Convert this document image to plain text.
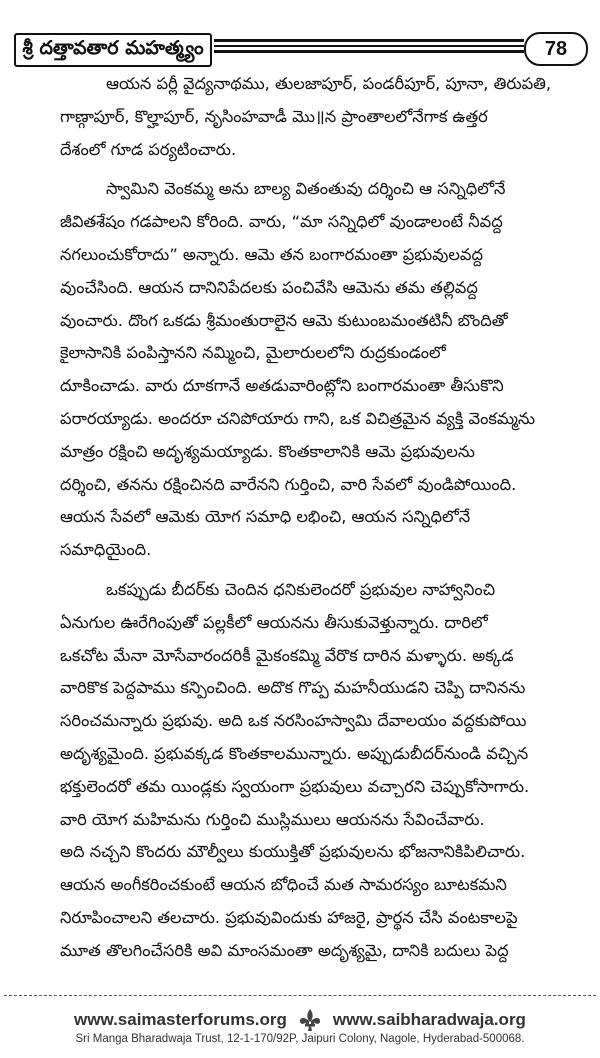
శ్రీ దత్తావతార మహత్మ్యం	78
ఆయన పర్లీ వైద్యనాథము, తులజాపూర్, పండరీపూర్, పూనా, తిరుపతి,
గాణ్గాపూర్, కొల్హాపూర్, నృసింహవాడీ మొ॥న ప్రాంతాలలోనేగాక ఉత్తర
దేశంలో గూడ పర్యటించారు.
స్వామిని వెంకమ్మ అను బాల్య వితంతువు దర్శించి ఆ సన్నిధిలోనే
జీవితశేషం గడపాలని కోరింది. వారు, “మా సన్నిధిలో వుండాలంటే నీవద్ద
నగలుంచుకోరాదు” అన్నారు. ఆమె తన బంగారమంతా ప్రభువులవద్ద
వుంచేసింది. ఆయన దానినిపేదలకు పంచివేసి ఆమెను తమ తల్లివద్ద
వుంచారు. దొంగ ఒకడు శ్రీమంతురాలైన ఆమె కుటుంబమంతటినీ బొందితో
కైలాసానికి పంపిస్తానని నమ్మించి, మైలారులలోని రుద్రకుండంలో
దూకించాడు. వారు దూకగానే అతడువారింట్లోని బంగారమంతా తీసుకొని
పరారయ్యాడు. అందరూ చనిపోయారు గాని, ఒక విచిత్రమైన వ్యక్తి వెంకమ్మను
మాత్రం రక్షించి అదృశ్యమయ్యాడు. కొంతకాలానికి ఆమె ప్రభువులను
దర్శించి, తనను రక్షించినది వారేనని గుర్తించి, వారి సేవలో వుండిపోయింది.
ఆయన సేవలో ఆమెకు యోగ సమాధి లభించి, ఆయన సన్నిధిలోనే
సమాధియైంది.
ఒకప్పుడు బీదర్‌కు చెందిన ధనికులెందరో ప్రభువుల నాహ్వానించి
ఏనుగుల ఊరేగింపుతో పల్లకీలో ఆయనను తీసుకువెళ్తున్నారు. దారిలో
ఒకచోట మేనా మోసేవారందరికీ మైకంకమ్మి వేరొక దారిన మళ్ళారు. అక్కడ
వారికొక పెద్దపాము కన్పించింది. అదొక గొప్ప మహనీయుడని చెప్పి దానినను
సరించమన్నారు ప్రభువు. అది ఒక నరసింహస్వామి దేవాలయం వద్దకుపోయి
అదృశ్యమైంది. ప్రభువక్కడ కొంతకాలమున్నారు. అప్పుడుబీదర్‌నుండి వచ్చిన
భక్తులెందరో తమ యిండ్లకు స్వయంగా ప్రభువులు వచ్చారని చెప్పుకోసాగారు.
వారి యోగ మహిమను గుర్తించి ముస్లిములు ఆయనను సేవించేవారు.
అది నచ్చని కొందరు మౌల్వీలు కుయుక్తితో ప్రభువులను భోజనానికిపిలిచారు.
ఆయన అంగీకరించకుంటే ఆయన బోధించే మత సామరస్యం బూటకమని
నిరూపించాలని తలచారు. ప్రభువువిందుకు హాజరై, ప్రార్థన చేసి వంటకాలపై
మూత తొలగించేసరికి అవి మాంసమంతా అదృశ్యమై, దానికి బదులు పెద్ద
www.saimasterforums.org	www.saibharadwaja.org
Sri Manga Bharadwaja Trust, 12-1-170/92P, Jaipuri Colony, Nagole, Hyderabad-500068.
